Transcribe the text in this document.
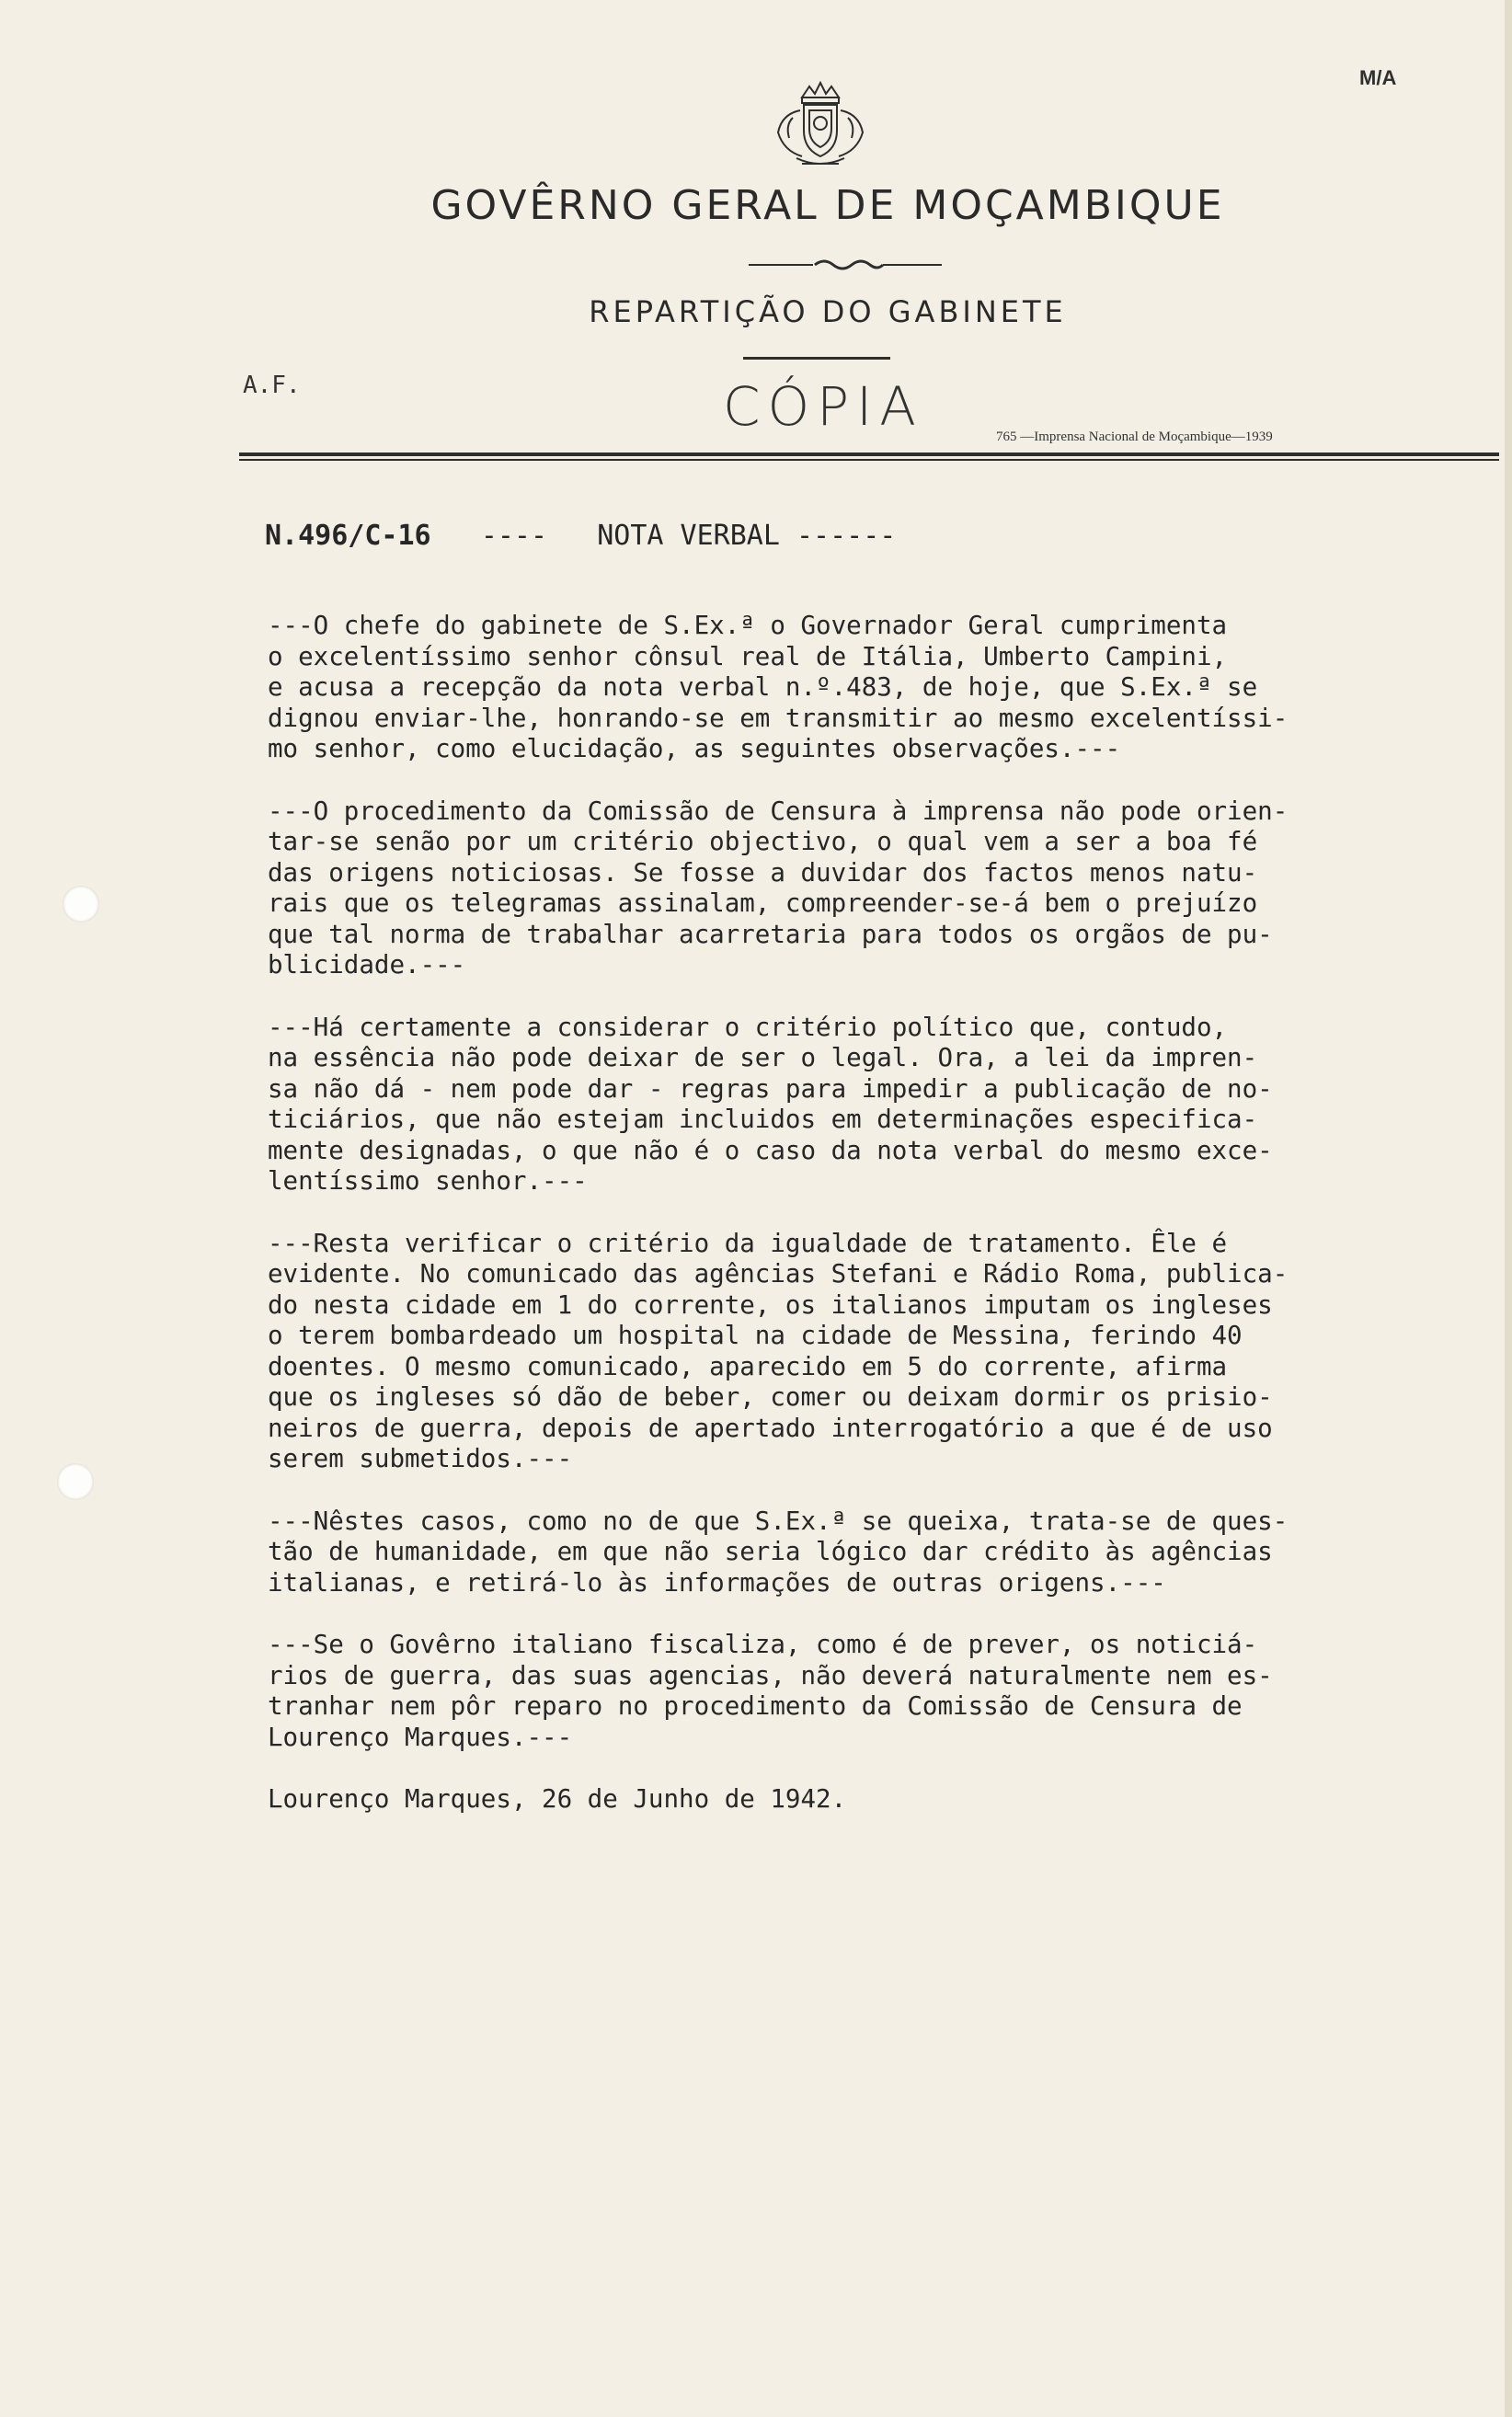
M/A
GOVÊRNO GERAL DE MOÇAMBIQUE
REPARTIÇÃO DO GABINETE
A.F.	CÓPIA	765 —Imprensa Nacional de Moçambique—1939
N.496/C-16 ---- NOTA VERBAL ------
---O chefe do gabinete de S.Ex.ª o Governador Geral cumprimenta
o excelentíssimo senhor cônsul real de Itália, Umberto Campini,
e acusa a recepção da nota verbal n.º.483, de hoje, que S.Ex.ª se
dignou enviar-lhe, honrando-se em transmitir ao mesmo excelentíssi-
mo senhor, como elucidação, as seguintes observações.---
---O procedimento da Comissão de Censura à imprensa não pode orien-
tar-se senão por um critério objectivo, o qual vem a ser a boa fé
das origens noticiosas. Se fosse a duvidar dos factos menos natu-
rais que os telegramas assinalam, compreender-se-á bem o prejuízo
que tal norma de trabalhar acarretaria para todos os orgãos de pu-
blicidade.---
---Há certamente a considerar o critério político que, contudo,
na essência não pode deixar de ser o legal. Ora, a lei da impren-
sa não dá - nem pode dar - regras para impedir a publicação de no-
ticiários, que não estejam incluidos em determinações especifica-
mente designadas, o que não é o caso da nota verbal do mesmo exce-
lentíssimo senhor.---
---Resta verificar o critério da igualdade de tratamento. Êle é
evidente. No comunicado das agências Stefani e Rádio Roma, publica-
do nesta cidade em 1 do corrente, os italianos imputam os ingleses
o terem bombardeado um hospital na cidade de Messina, ferindo 40
doentes. O mesmo comunicado, aparecido em 5 do corrente, afirma
que os ingleses só dão de beber, comer ou deixam dormir os prisio-
neiros de guerra, depois de apertado interrogatório a que é de uso
serem submetidos.---
---Nêstes casos, como no de que S.Ex.ª se queixa, trata-se de ques-
tão de humanidade, em que não seria lógico dar crédito às agências
italianas, e retirá-lo às informações de outras origens.---
---Se o Govêrno italiano fiscaliza, como é de prever, os noticiá-
rios de guerra, das suas agencias, não deverá naturalmente nem es-
tranhar nem pôr reparo no procedimento da Comissão de Censura de
Lourenço Marques.---
Lourenço Marques, 26 de Junho de 1942.
